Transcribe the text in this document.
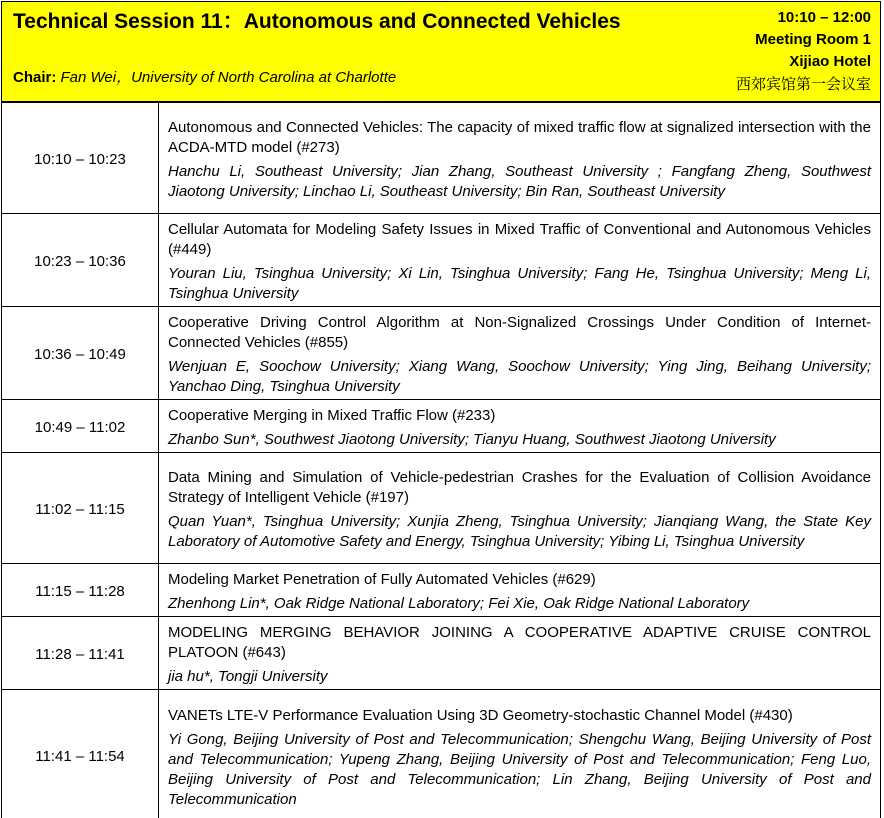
Technical Session 11：Autonomous and Connected Vehicles
Chair: Fan Wei，University of North Carolina at Charlotte
10:10 – 12:00
Meeting Room 1
Xijiao Hotel
西郊宾馆第一会议室
10:10 – 10:23	Autonomous and Connected Vehicles: The capacity of mixed traffic flow at signalized intersection with the ACDA-MTD model (#273)
Hanchu Li, Southeast University; Jian Zhang, Southeast University ; Fangfang Zheng, Southwest Jiaotong University; Linchao Li, Southeast University; Bin Ran, Southeast University

10:23 – 10:36	Cellular Automata for Modeling Safety Issues in Mixed Traffic of Conventional and Autonomous Vehicles (#449)
Youran Liu, Tsinghua University; Xi Lin, Tsinghua University; Fang He, Tsinghua University; Meng Li, Tsinghua University

10:36 – 10:49	Cooperative Driving Control Algorithm at Non-Signalized Crossings Under Condition of Internet-Connected Vehicles (#855)
Wenjuan E, Soochow University; Xiang Wang, Soochow University; Ying Jing, Beihang University; Yanchao Ding, Tsinghua University

10:49 – 11:02	Cooperative Merging in Mixed Traffic Flow (#233)
Zhanbo Sun*, Southwest Jiaotong University; Tianyu Huang, Southwest Jiaotong University

11:02 – 11:15	Data Mining and Simulation of Vehicle-pedestrian Crashes for the Evaluation of Collision Avoidance Strategy of Intelligent Vehicle (#197)
Quan Yuan*, Tsinghua University; Xunjia Zheng, Tsinghua University; Jianqiang Wang, the State Key Laboratory of Automotive Safety and Energy, Tsinghua University; Yibing Li, Tsinghua University

11:15 – 11:28	Modeling Market Penetration of Fully Automated Vehicles (#629)
Zhenhong Lin*, Oak Ridge National Laboratory; Fei Xie, Oak Ridge National Laboratory

11:28 – 11:41	MODELING MERGING BEHAVIOR JOINING A COOPERATIVE ADAPTIVE CRUISE CONTROL PLATOON (#643)
jia hu*, Tongji University

11:41 – 11:54	VANETs LTE-V Performance Evaluation Using 3D Geometry-stochastic Channel Model (#430)
Yi Gong, Beijing University of Post and Telecommunication; Shengchu Wang, Beijing University of Post and Telecommunication; Yupeng Zhang, Beijing University of Post and Telecommunication; Feng Luo, Beijing University of Post and Telecommunication; Lin Zhang, Beijing University of Post and Telecommunication
